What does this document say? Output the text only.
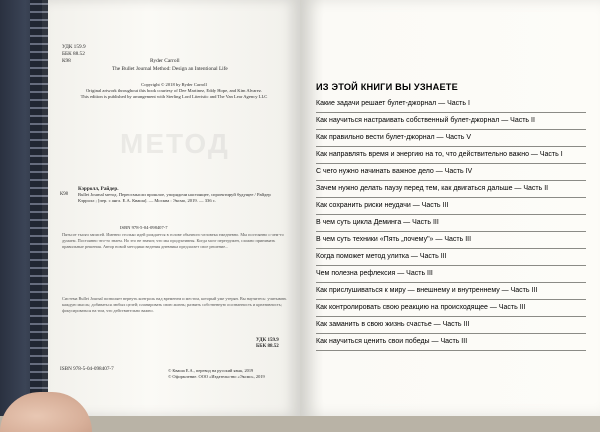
УДК 159.9
ББК 88.52
К98	Ryder Carroll
The Bullet Journal Method: Design an Intentional Life
Copyright © 2018 by Ryder Carroll
Original artwork throughout this book courtesy of Dee Martinez, Eddy Hope, and Kim Alvarez.
This edition is published by arrangement with Sterling Lord Literistic and The Van Lear Agency LLC
МЕТОД
К98
Кэрролл, Райдер.
Bullet Journal метод. Переосмысли прошлое, упорядочи настоящее, спроектируй будущее / Райдер Кэрролл ; [пер. с англ. Е.А. Кваша]. — Москва : Эксмо, 2019. — 336 с.
ISBN 978-5-04-098407-7
Пятьсот тысяч записей. Именно столько идей рождается в голове обычного человека ежедневно. Мы постоянно о чем-то думаем. Постоянно что-то знаем. Но это не значит, что мы продуктивны. Когда мозг перегружен, сложно принимать правильные решения. Автор новой методики ведения дневника предлагает свое решение...
Система Bullet Journal позволяет вернуть контроль над временем и местом, который уже утерян. Вы научитесь: учитывать каждую мысль; добиваться любых целей; планировать свою жизнь; развить собственную осознанность и креативность; фокусироваться на том, что действительно важно.
УДК 159.9
ББК 88.52
ISBN 978-5-04-098407-7	© Кваша Е.А., перевод на русский язык, 2019
© Оформление. ООО «Издательство «Эксмо», 2019
ИЗ ЭТОЙ КНИГИ ВЫ УЗНАЕТЕ
Какие задачи решает булет-джорнал — Часть I
Как научиться настраивать собственный булет-джорнал — Часть II
Как правильно вести булет-джорнал — Часть V
Как направлять время и энергию на то, что действительно важно — Часть I
С чего нужно начинать важное дело — Часть IV
Зачем нужно делать паузу перед тем, как двигаться дальше — Часть II
Как сохранить риски неудачи — Часть III
В чем суть цикла Деминга — Часть III
В чем суть техники «Пять „почему"» — Часть III
Когда поможет метод улитка — Часть III
Чем полезна рефлексия — Часть III
Как прислушиваться к миру — внешнему и внутреннему — Часть III
Как контролировать свою реакцию на происходящее — Часть III
Как заманить в свою жизнь счастье — Часть III
Как научиться ценить свои победы — Часть III
